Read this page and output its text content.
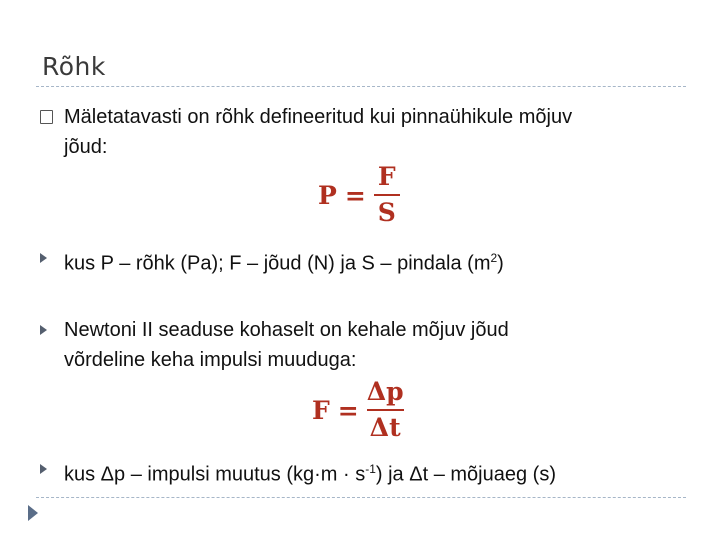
Rõhk
Mäletatavasti on rõhk defineeritud kui pinnaühikule mõjuv
jõud:
$P = \frac{F}{S}$
kus P – rõhk (Pa); F – jõud (N) ja S – pindala $(m^2)$
Newtoni II seaduse kohaselt on kehale mõjuv jõud
võrdeline keha impulsi muuduga:
$F = \frac{\Delta p}{\Delta t}$
kus Δp – impulsi muutus $(kg\cdot m \cdot s^{-1})$ ja Δt – mõjuaeg (s)
